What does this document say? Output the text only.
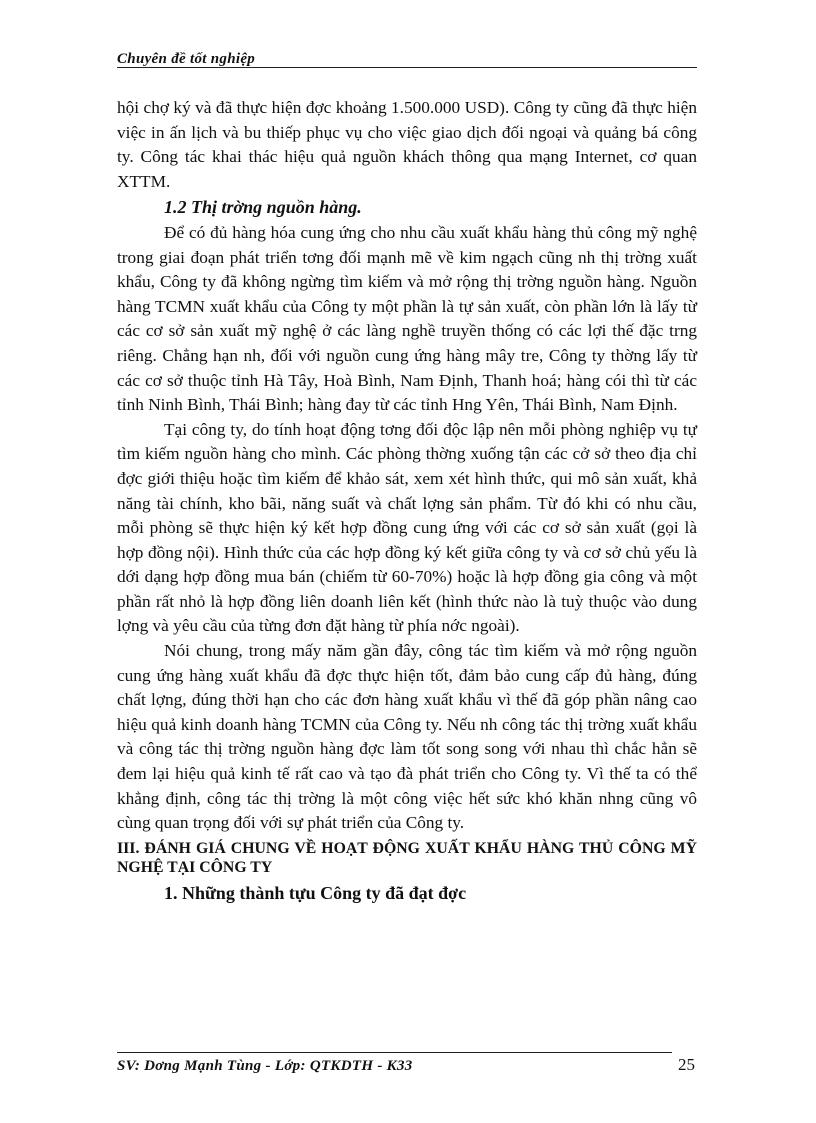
Chuyên đề tốt nghiệp

hội chợ ký và đã thực hiện đợc khoảng 1.500.000 USD). Công ty cũng đã thực hiện việc in ấn lịch và bu thiếp phục vụ cho việc giao dịch đối ngoại và quảng bá công ty. Công tác khai thác hiệu quả nguồn khách thông qua mạng Internet, cơ quan XTTM.

1.2 Thị trờng nguồn hàng.

Để có đủ hàng hóa cung ứng cho nhu cầu xuất khẩu hàng thủ công mỹ nghệ trong giai đoạn phát triển tơng đối mạnh mẽ về kim ngạch cũng nh thị trờng xuất khẩu, Công ty đã không ngừng tìm kiếm và mở rộng thị trờng nguồn hàng. Nguồn hàng TCMN xuất khẩu của Công ty một phần là tự sản xuất, còn phần lớn là lấy từ các cơ sở sản xuất mỹ nghệ ở các làng nghề truyền thống có các lợi thế đặc trng riêng. Chẳng hạn nh, đối với nguồn cung ứng hàng mây tre, Công ty thờng lấy từ các cơ sở thuộc tỉnh Hà Tây, Hoà Bình, Nam Định, Thanh hoá; hàng cói thì từ các tỉnh Ninh Bình, Thái Bình; hàng đay từ các tỉnh Hng Yên, Thái Bình, Nam Định.

Tại công ty, do tính hoạt động tơng đối độc lập nên mỗi phòng nghiệp vụ tự tìm kiếm nguồn hàng cho mình. Các phòng thờng xuống tận các cở sở theo địa chỉ đợc giới thiệu hoặc tìm kiếm để khảo sát, xem xét hình thức, qui mô sản xuất, khả năng tài chính, kho bãi, năng suất và chất lợng sản phẩm. Từ đó khi có nhu cầu, mỗi phòng sẽ thực hiện ký kết hợp đồng cung ứng với các cơ sở sản xuất (gọi là hợp đồng nội). Hình thức của các hợp đồng ký kết giữa công ty và cơ sở chủ yếu là dới dạng hợp đồng mua bán (chiếm từ 60-70%) hoặc là hợp đồng gia công và một phần rất nhỏ là hợp đồng liên doanh liên kết (hình thức nào là tuỳ thuộc vào dung lợng và yêu cầu của từng đơn đặt hàng từ phía nớc ngoài).

Nói chung, trong mấy năm gần đây, công tác tìm kiếm và mở rộng nguồn cung ứng hàng xuất khẩu đã đợc thực hiện tốt, đảm bảo cung cấp đủ hàng, đúng chất lợng, đúng thời hạn cho các đơn hàng xuất khẩu vì thế đã góp phần nâng cao hiệu quả kinh doanh hàng TCMN của Công ty. Nếu nh công tác thị trờng xuất khẩu và công tác thị trờng nguồn hàng đợc làm tốt song song với nhau thì chắc hẳn sẽ đem lại hiệu quả kinh tế rất cao và tạo đà phát triển cho Công ty. Vì thế ta có thể khẳng định, công tác thị trờng là một công việc hết sức khó khăn nhng cũng vô cùng quan trọng đối với sự phát triển của Công ty.

III. ĐÁNH GIÁ CHUNG VỀ HOẠT ĐỘNG XUẤT KHẨU HÀNG THỦ CÔNG MỸ NGHỆ TẠI CÔNG TY
1. Những thành tựu Công ty đã đạt đợc
SV: Dơng Mạnh Tùng - Lớp: QTKDTH - K33	25
